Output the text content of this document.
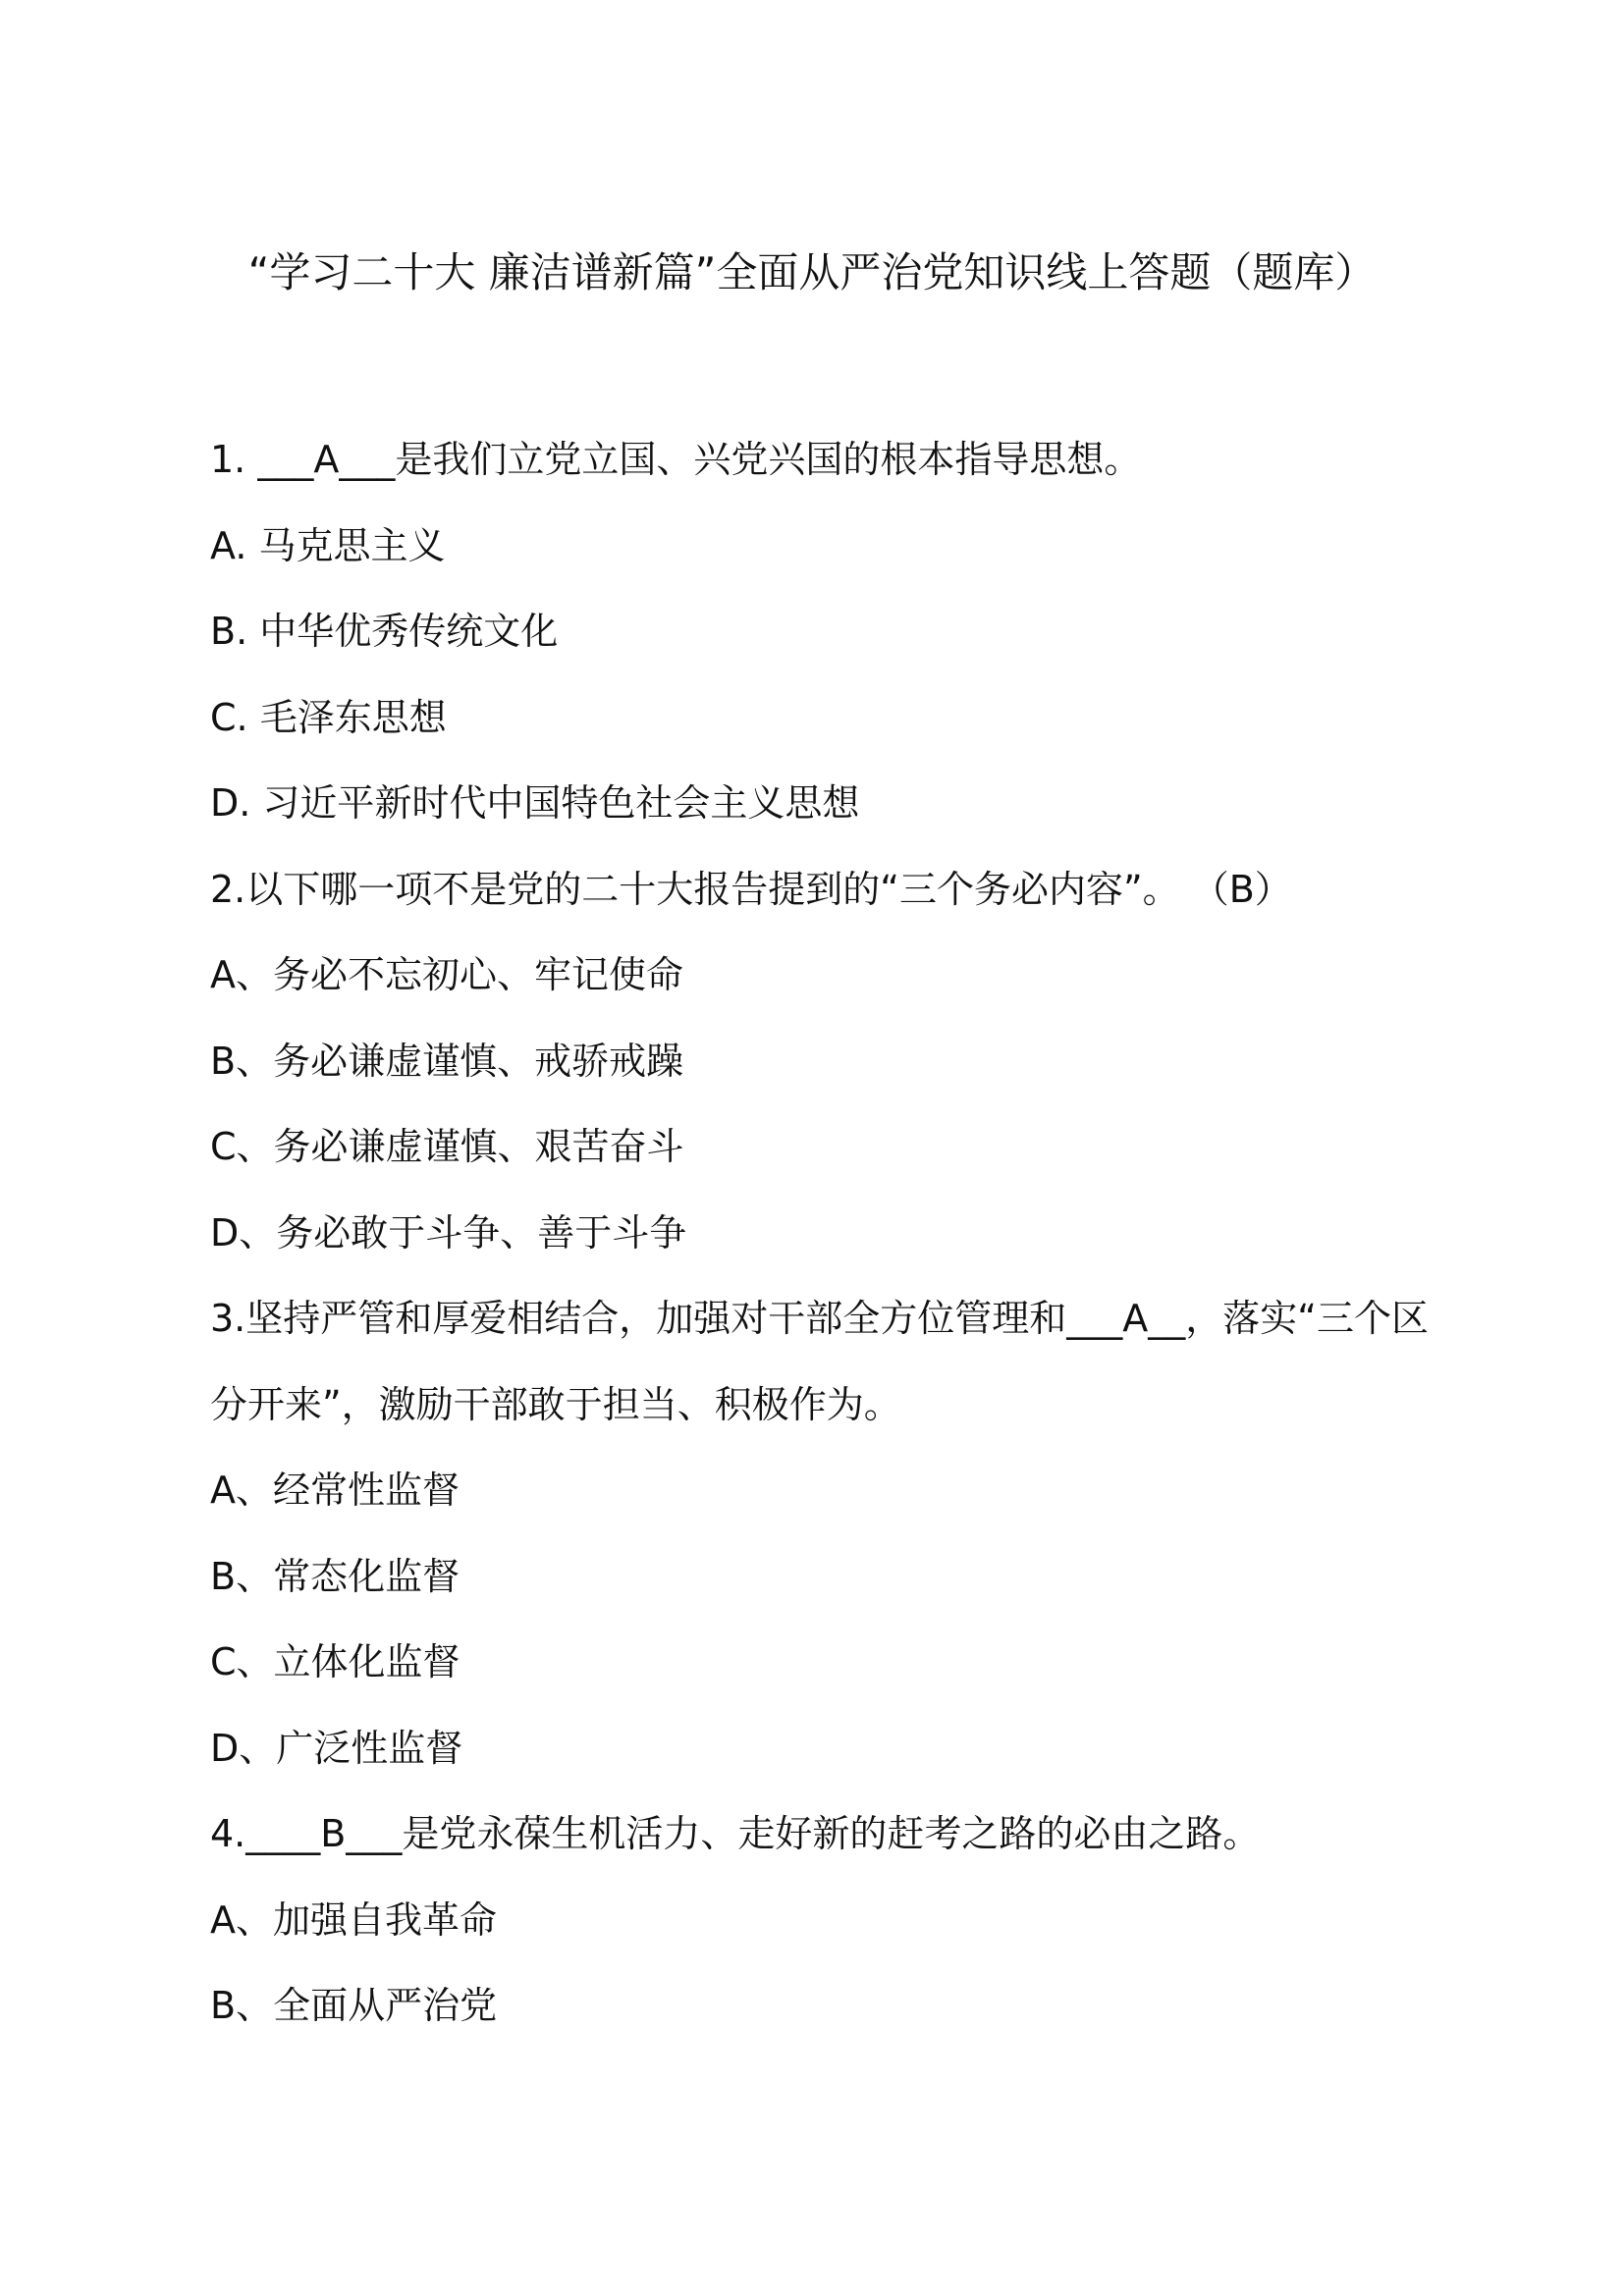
“学习二十大 廉洁谱新篇”全面从严治党知识线上答题（题库）

1. ___A___是我们立党立国、兴党兴国的根本指导思想。

A. 马克思主义

B. 中华优秀传统文化

C. 毛泽东思想

D. 习近平新时代中国特色社会主义思想

2.以下哪一项不是党的二十大报告提到的“三个务必内容”。 （B）

A、务必不忘初心、牢记使命

B、务必谦虚谨慎、戒骄戒躁

C、务必谦虚谨慎、艰苦奋斗

D、务必敢于斗争、善于斗争

3.坚持严管和厚爱相结合，加强对干部全方位管理和___A__，落实“三个区

分开来”，激励干部敢于担当、积极作为。

A、经常性监督

B、常态化监督

C、立体化监督

D、广泛性监督

4.____B___是党永葆生机活力、走好新的赶考之路的必由之路。

A、加强自我革命

B、全面从严治党
